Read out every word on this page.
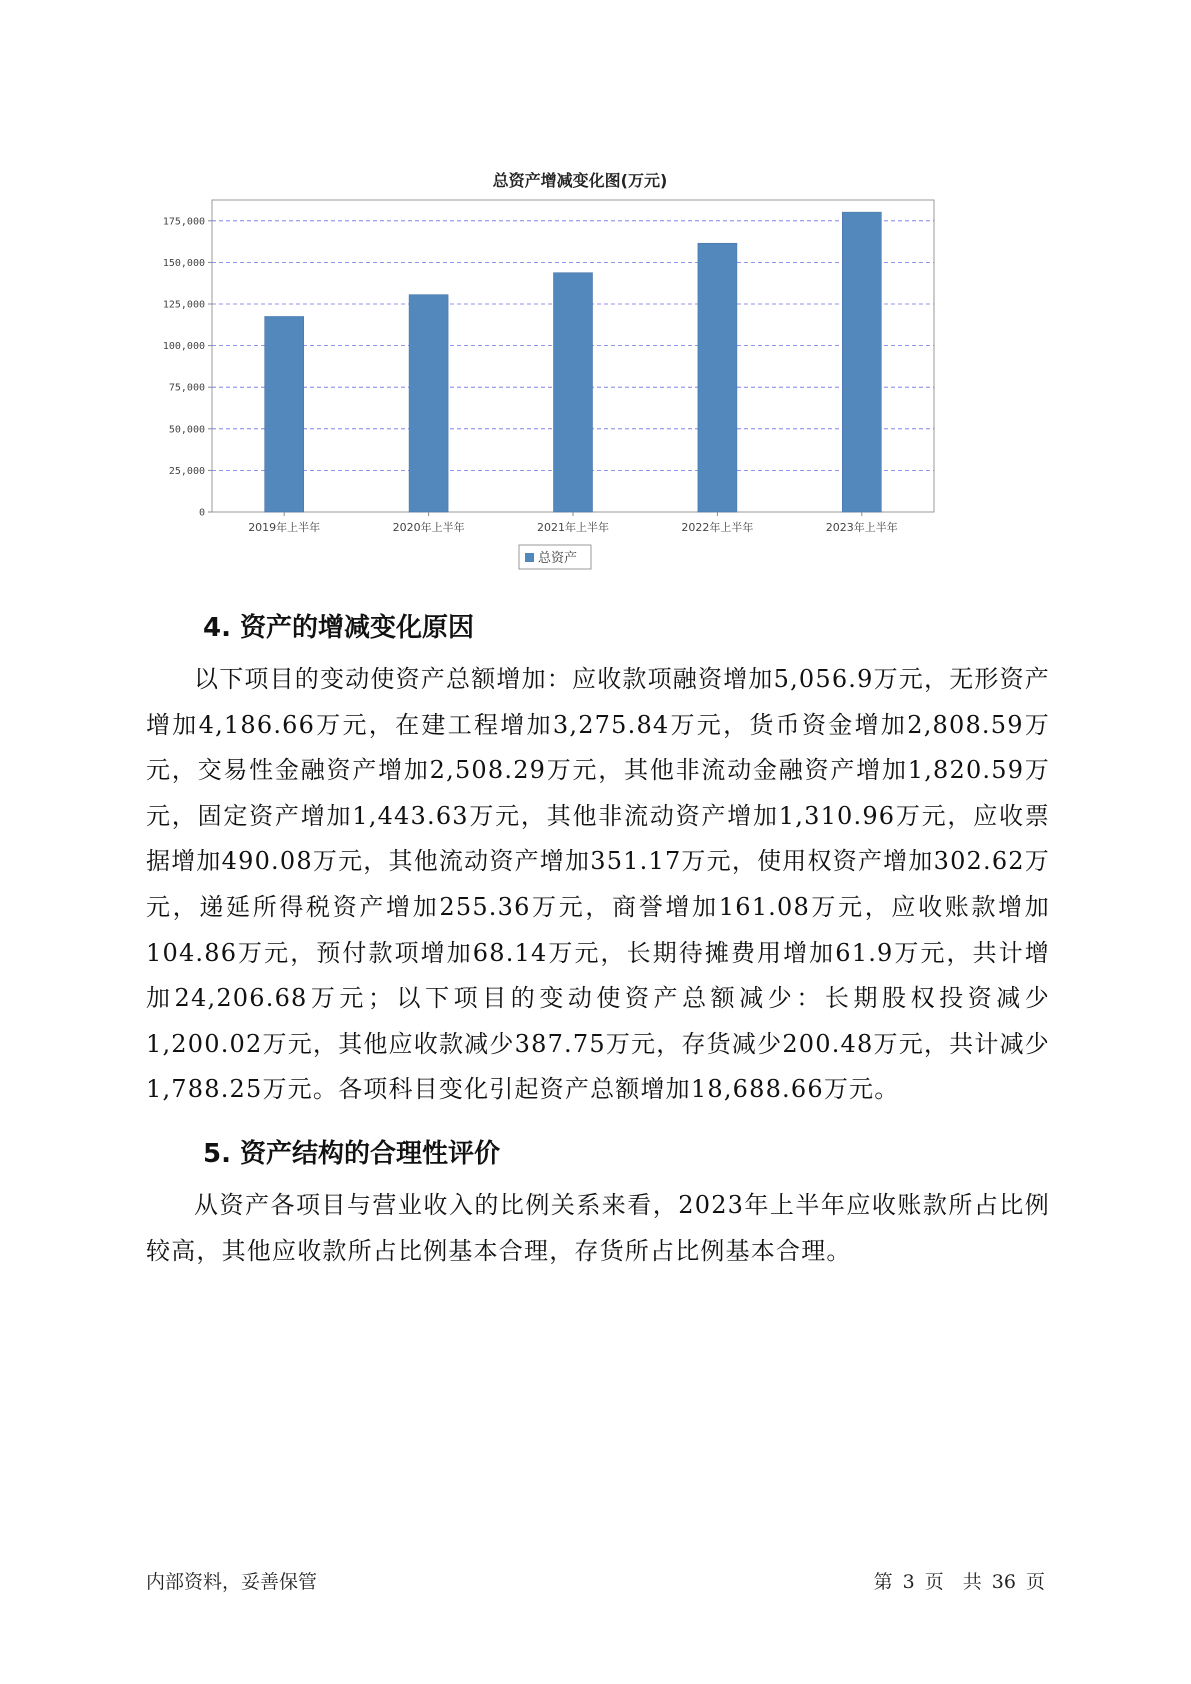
总资产增减变化图(万元)
0
25,000
50,000
75,000
100,000
125,000
150,000
175,000
2019年上半年	2020年上半年	2021年上半年	2022年上半年	2023年上半年
总资产
4. 资产的增减变化原因

以下项目的变动使资产总额增加：应收款项融资增加5,056.9万元，无形资产增加4,186.66万元，在建工程增加3,275.84万元，货币资金增加2,808.59万元，交易性金融资产增加2,508.29万元，其他非流动金融资产增加1,820.59万元，固定资产增加1,443.63万元，其他非流动资产增加1,310.96万元，应收票据增加490.08万元，其他流动资产增加351.17万元，使用权资产增加302.62万元，递延所得税资产增加255.36万元，商誉增加161.08万元，应收账款增加104.86万元，预付款项增加68.14万元，长期待摊费用增加61.9万元，共计增加24,206.68万元；以下项目的变动使资产总额减少：长期股权投资减少1,200.02万元，其他应收款减少387.75万元，存货减少200.48万元，共计减少1,788.25万元。各项科目变化引起资产总额增加18,688.66万元。

5. 资产结构的合理性评价

从资产各项目与营业收入的比例关系来看，2023年上半年应收账款所占比例较高，其他应收款所占比例基本合理，存货所占比例基本合理。

内部资料，妥善保管	第 3 页　共 36 页
